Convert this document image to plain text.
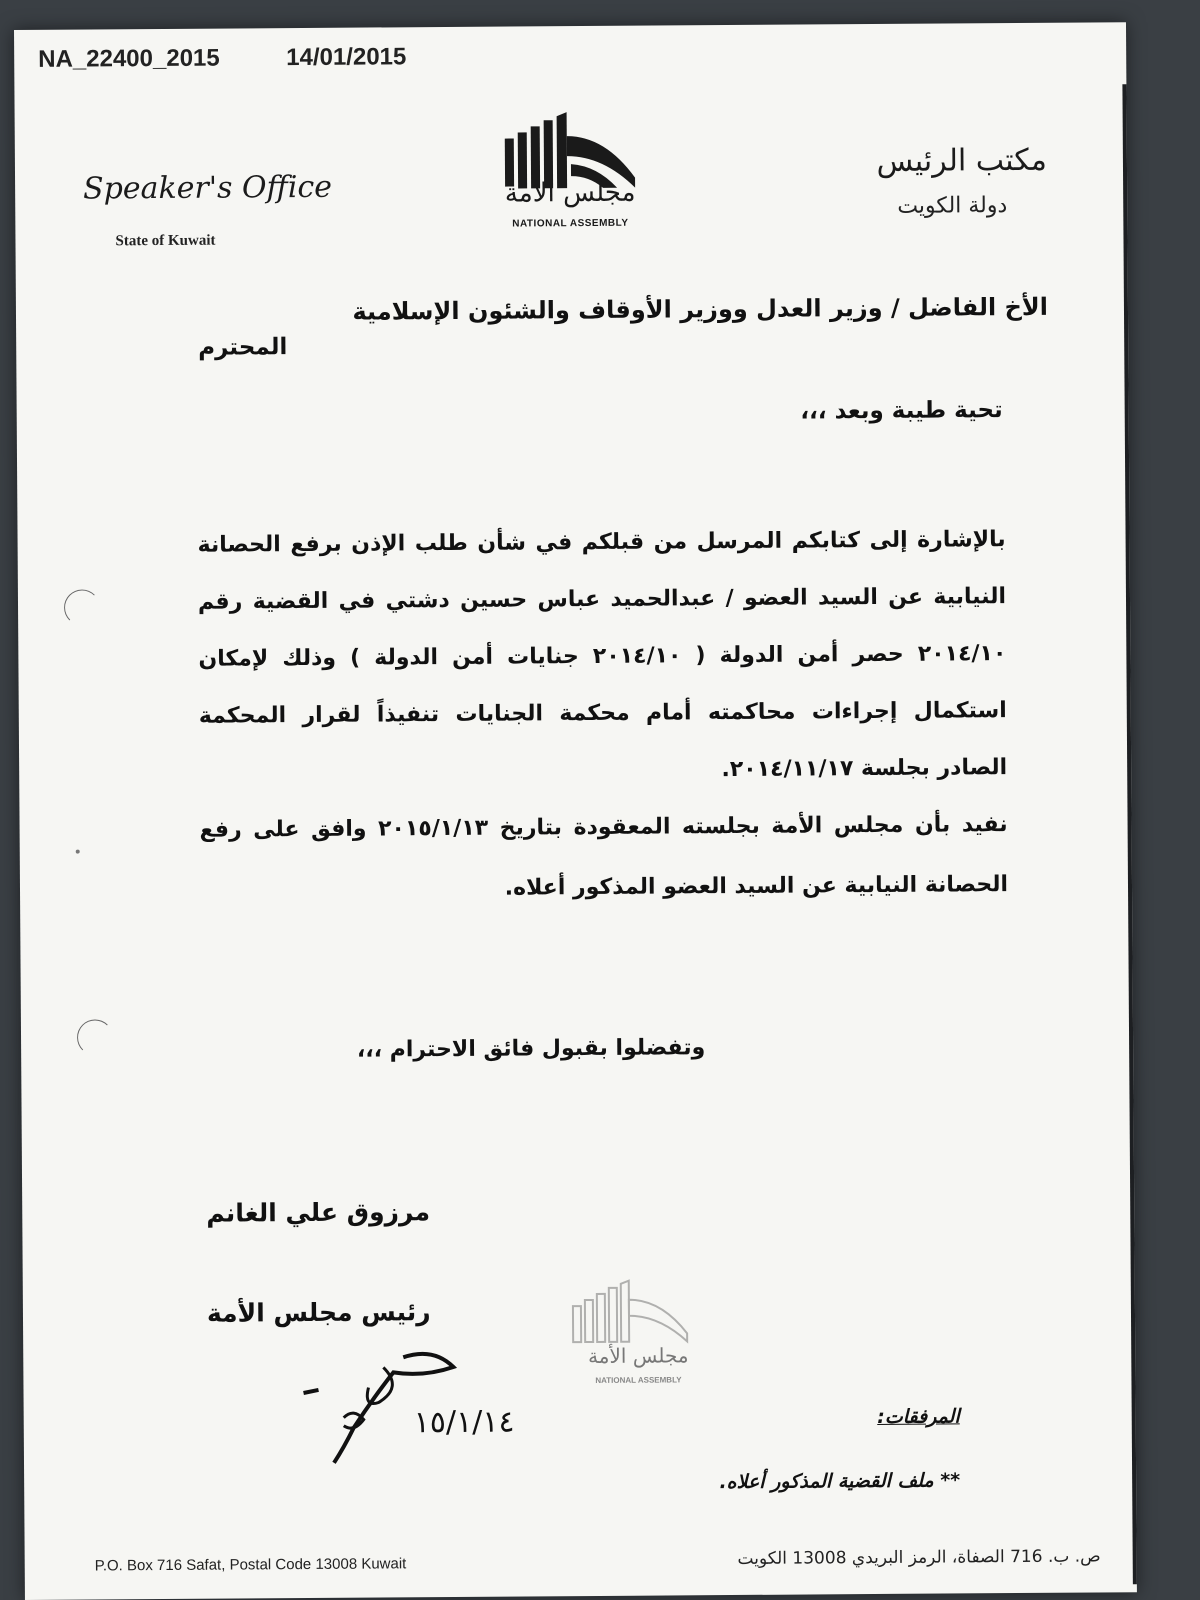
NA_22400_2015	14/01/2015
Speaker's Office
State of Kuwait
مكتب الرئيس
دولة الكويت
مجلس الأمة
NATIONAL ASSEMBLY
الأخ الفاضل / وزير العدل ووزير الأوقاف والشئون الإسلامية
المحترم
تحية طيبة وبعد ،،،
بالإشارة إلى كتابكم المرسل من قبلكم في شأن طلب الإذن برفع الحصانة النيابية عن السيد العضو / عبدالحميد عباس حسين دشتي في القضية رقم ٢٠١٤/١٠ حصر أمن الدولة ( ٢٠١٤/١٠ جنايات أمن الدولة ) وذلك لإمكان استكمال إجراءات محاكمته أمام محكمة الجنايات تنفيذاً لقرار المحكمة الصادر بجلسة ٢٠١٤/١١/١٧.
نفيد بأن مجلس الأمة بجلسته المعقودة بتاريخ ٢٠١٥/١/١٣ وافق على رفع الحصانة النيابية عن السيد العضو المذكور أعلاه.
وتفضلوا بقبول فائق الاحترام ،،،
مرزوق علي الغانم
رئيس مجلس الأمة
١٥/١/١٤
مجلس الأمة
NATIONAL ASSEMBLY
المرفقات:
** ملف القضية المذكور أعلاه.
P.O. Box 716 Safat, Postal Code 13008 Kuwait	ص. ب. 716 الصفاة، الرمز البريدي 13008 الكويت
